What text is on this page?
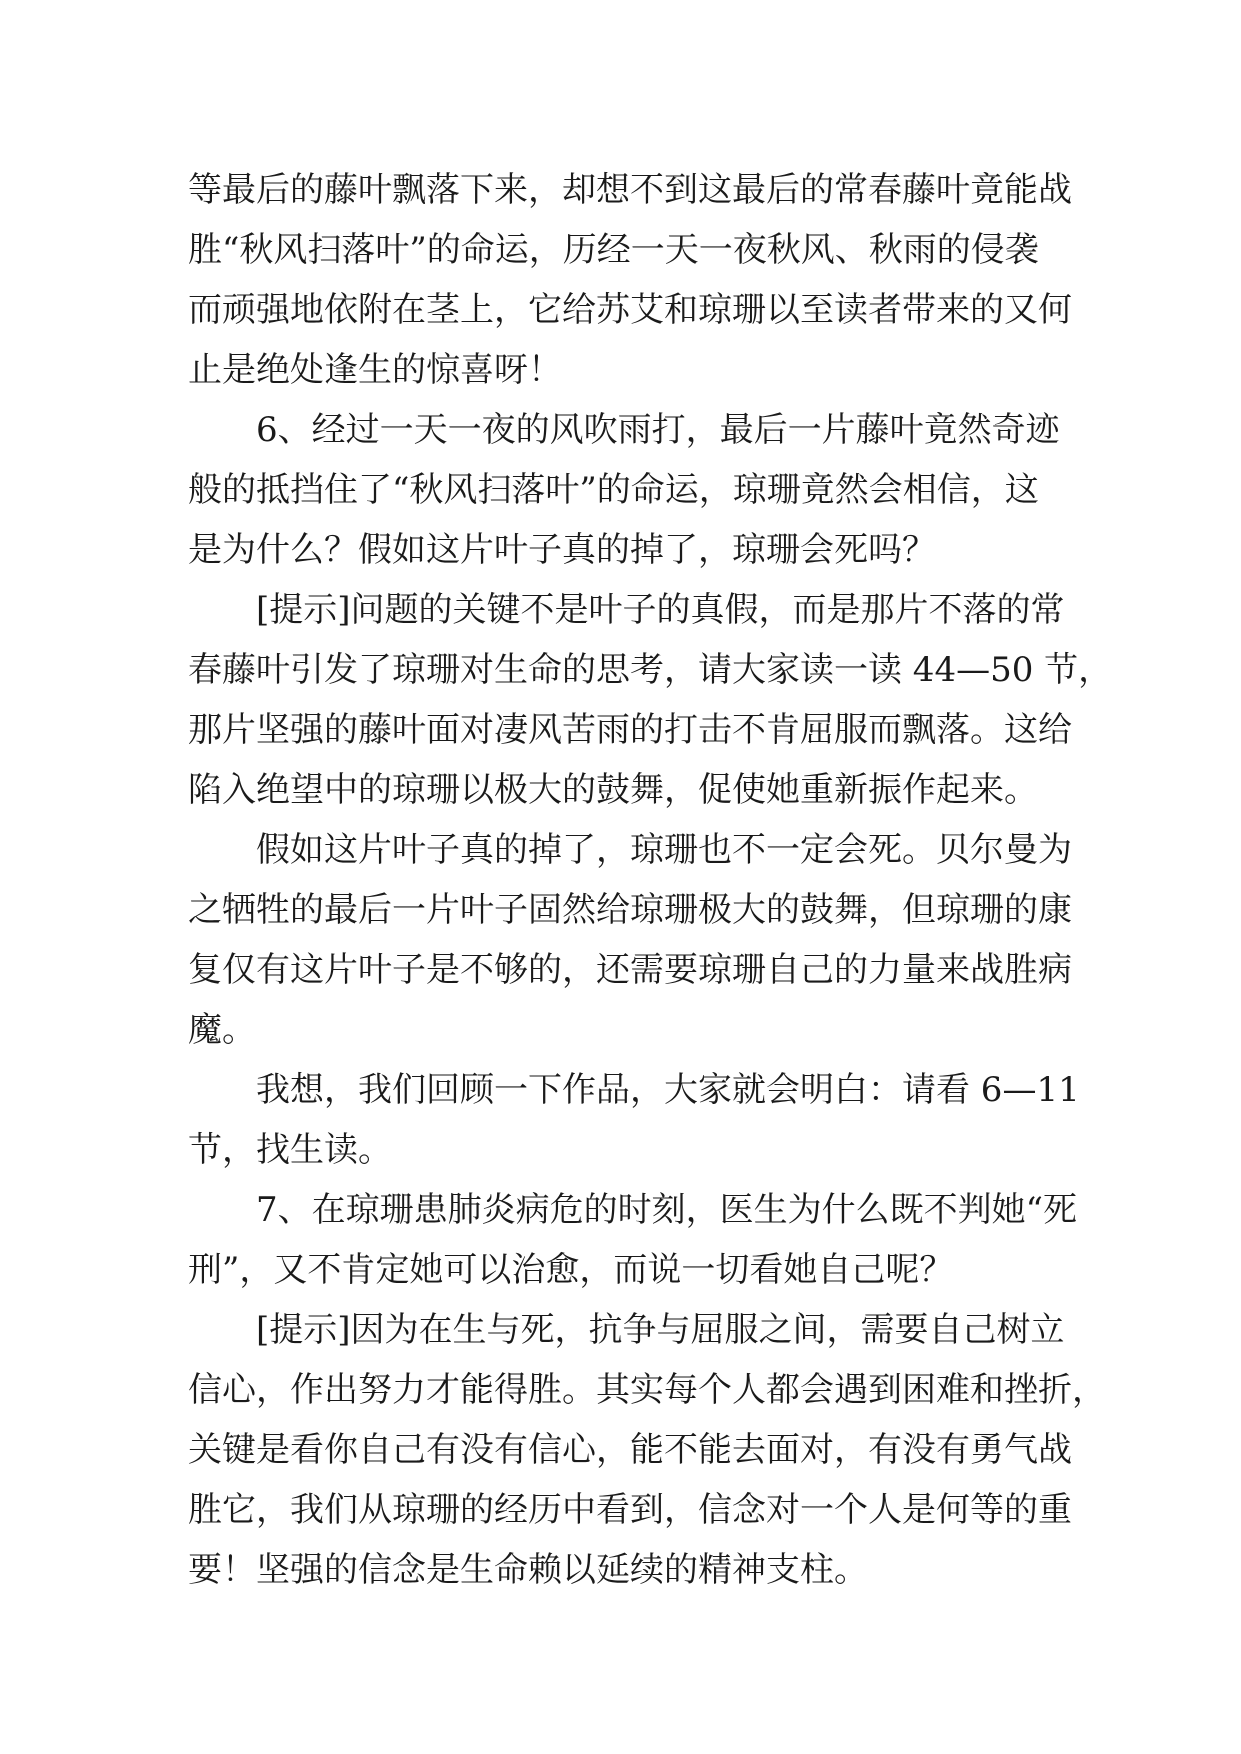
等最后的藤叶飘落下来，却想不到这最后的常春藤叶竟能战
胜“秋风扫落叶”的命运，历经一天一夜秋风、秋雨的侵袭
而顽强地依附在茎上，它给苏艾和琼珊以至读者带来的又何
止是绝处逢生的惊喜呀！
6、经过一天一夜的风吹雨打，最后一片藤叶竟然奇迹
般的抵挡住了“秋风扫落叶”的命运，琼珊竟然会相信，这
是为什么？假如这片叶子真的掉了，琼珊会死吗？
[提示]问题的关键不是叶子的真假，而是那片不落的常
春藤叶引发了琼珊对生命的思考，请大家读一读 44—50 节，
那片坚强的藤叶面对凄风苦雨的打击不肯屈服而飘落。这给
陷入绝望中的琼珊以极大的鼓舞，促使她重新振作起来。
假如这片叶子真的掉了，琼珊也不一定会死。贝尔曼为
之牺牲的最后一片叶子固然给琼珊极大的鼓舞，但琼珊的康
复仅有这片叶子是不够的，还需要琼珊自己的力量来战胜病
魔。
我想，我们回顾一下作品，大家就会明白：请看 6—11
节，找生读。
7、在琼珊患肺炎病危的时刻，医生为什么既不判她“死
刑”，又不肯定她可以治愈，而说一切看她自己呢？
[提示]因为在生与死，抗争与屈服之间，需要自己树立
信心，作出努力才能得胜。其实每个人都会遇到困难和挫折，
关键是看你自己有没有信心，能不能去面对，有没有勇气战
胜它，我们从琼珊的经历中看到，信念对一个人是何等的重
要！坚强的信念是生命赖以延续的精神支柱。
